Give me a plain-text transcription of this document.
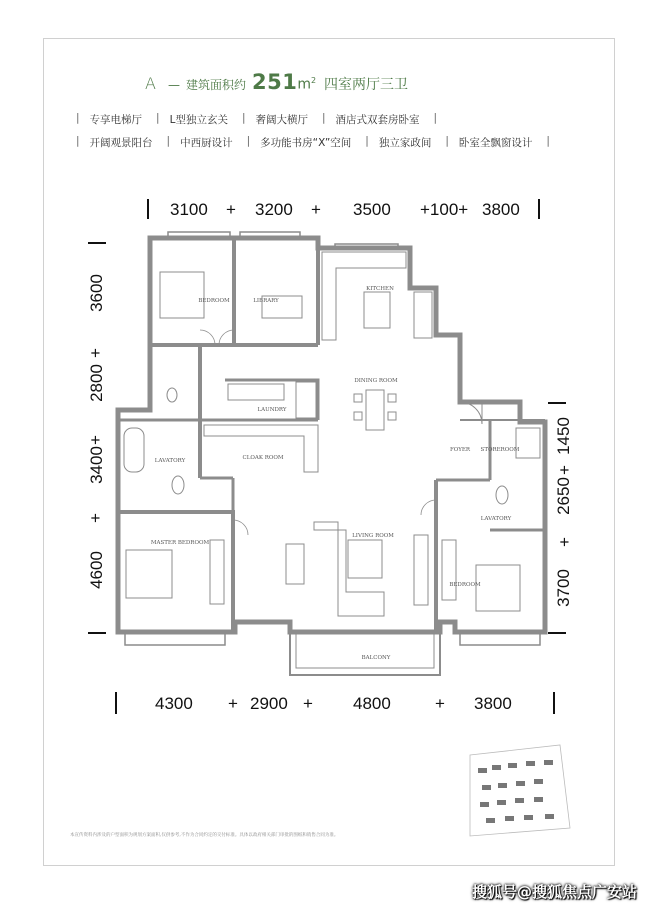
A — 建筑面积约 251 $m^2$ 四室两厅三卫
| 专享电梯厅 | L型独立玄关 | 奢阔大横厅 | 酒店式双套房卧室 |
| 开阔观景阳台 | 中西厨设计 | 多功能书房“X”空间 | 独立家政间 | 卧室全飘窗设计 |
3100 + 3200 + 3500 +100+ 3800
4300 + 2900 + 4800	+ 3800
3600
+
2800
+
3400
+
4600
1450
+
2650
+
3700
BEDROOM	LIBRARY
KITCHEN
DINING ROOM
LAUNDRY
LAVATORY	CLOAK ROOM
FOYER STOREROOM
MASTER BEDROOM
LIVING ROOM
LAVATORY
BEDROOM
BALCONY
本宣传资料内涉及的户型面积为规划方案面积,仅供参考,不作为合同约定的交付标准。具体以政府相关部门审批的图纸和销售合同为准。
搜狐号@搜狐焦点广安站
